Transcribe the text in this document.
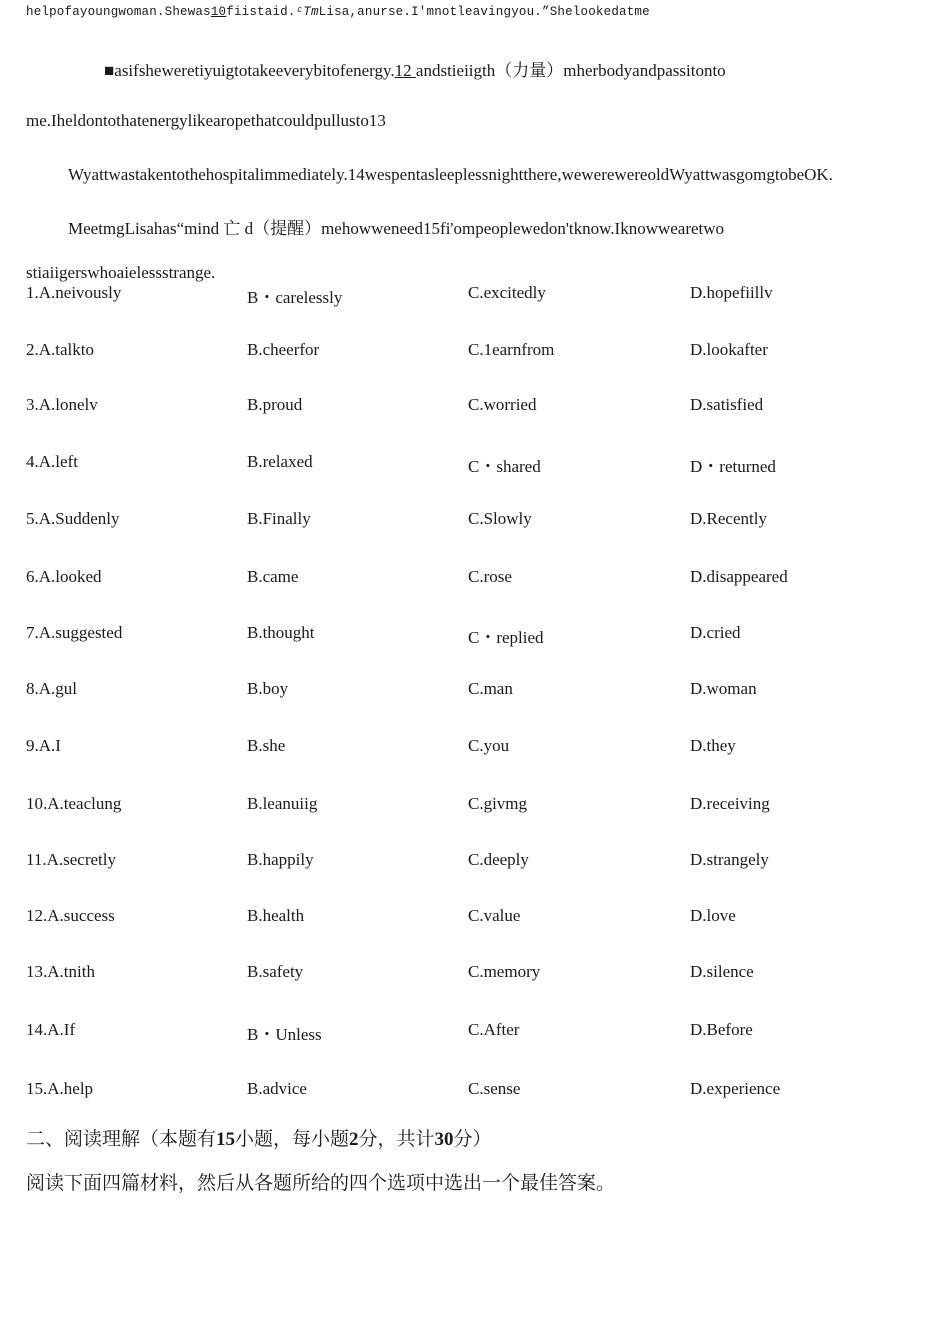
helpofayoungwoman.Shewas10fiistaid.ᶜTmLisa,anurse.I'mnotleavingyou.”Shelookedatme
■asifsheweretiyuigtotakeeverybitofenergy.12 andstieiigth（力量）mherbodyandpassitonto
me.Iheldontothatenergylikearopethatcouldpullusto13
Wyattwastakentothehospitalimmediately.14wespentasleeplessnightthere,wewerewereoldWyattwasgomgtobeOK.
MeetmgLisahas“mind 亡 d（提醒）mehowweneed15fi'ompeoplewedon'tknow.Iknowwearetwo
stiaiigerswhoaielessstrange.
1.A.neivously	B・carelessly	C.excitedly	D.hopefiillv
2.A.talkto	B.cheerfor	C.1earnfrom	D.lookafter
3.A.lonelv	B.proud	C.worried	D.satisfied
4.A.left	B.relaxed	C・shared	D・returned
5.A.Suddenly	B.Finally	C.Slowly	D.Recently
6.A.looked	B.came	C.rose	D.disappeared
7.A.suggested	B.thought	C・replied	D.cried
8.A.gul	B.boy	C.man	D.woman
9.A.I	B.she	C.you	D.they
10.A.teaclung	B.leanuiig	C.givmg	D.receiving
11.A.secretly	B.happily	C.deeply	D.strangely
12.A.success	B.health	C.value	D.love
13.A.tnith	B.safety	C.memory	D.silence
14.A.If	B・Unless	C.After	D.Before
15.A.help	B.advice	C.sense	D.experience
二、阅读理解（本题有15小题，每小题2分，共计30分）
阅读下面四篇材料，然后从各题所给的四个选项中选出一个最佳答案。
